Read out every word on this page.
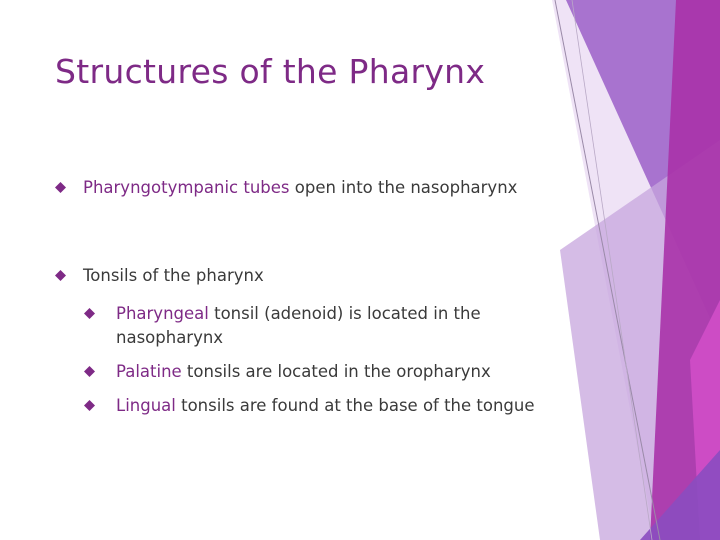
Structures of the Pharynx
Pharyngotympanic tubes open into the nasopharynx
Tonsils of the pharynx
Pharyngeal tonsil (adenoid) is located in the nasopharynx
Palatine tonsils are located in the oropharynx
Lingual tonsils are found at the base of the tongue
